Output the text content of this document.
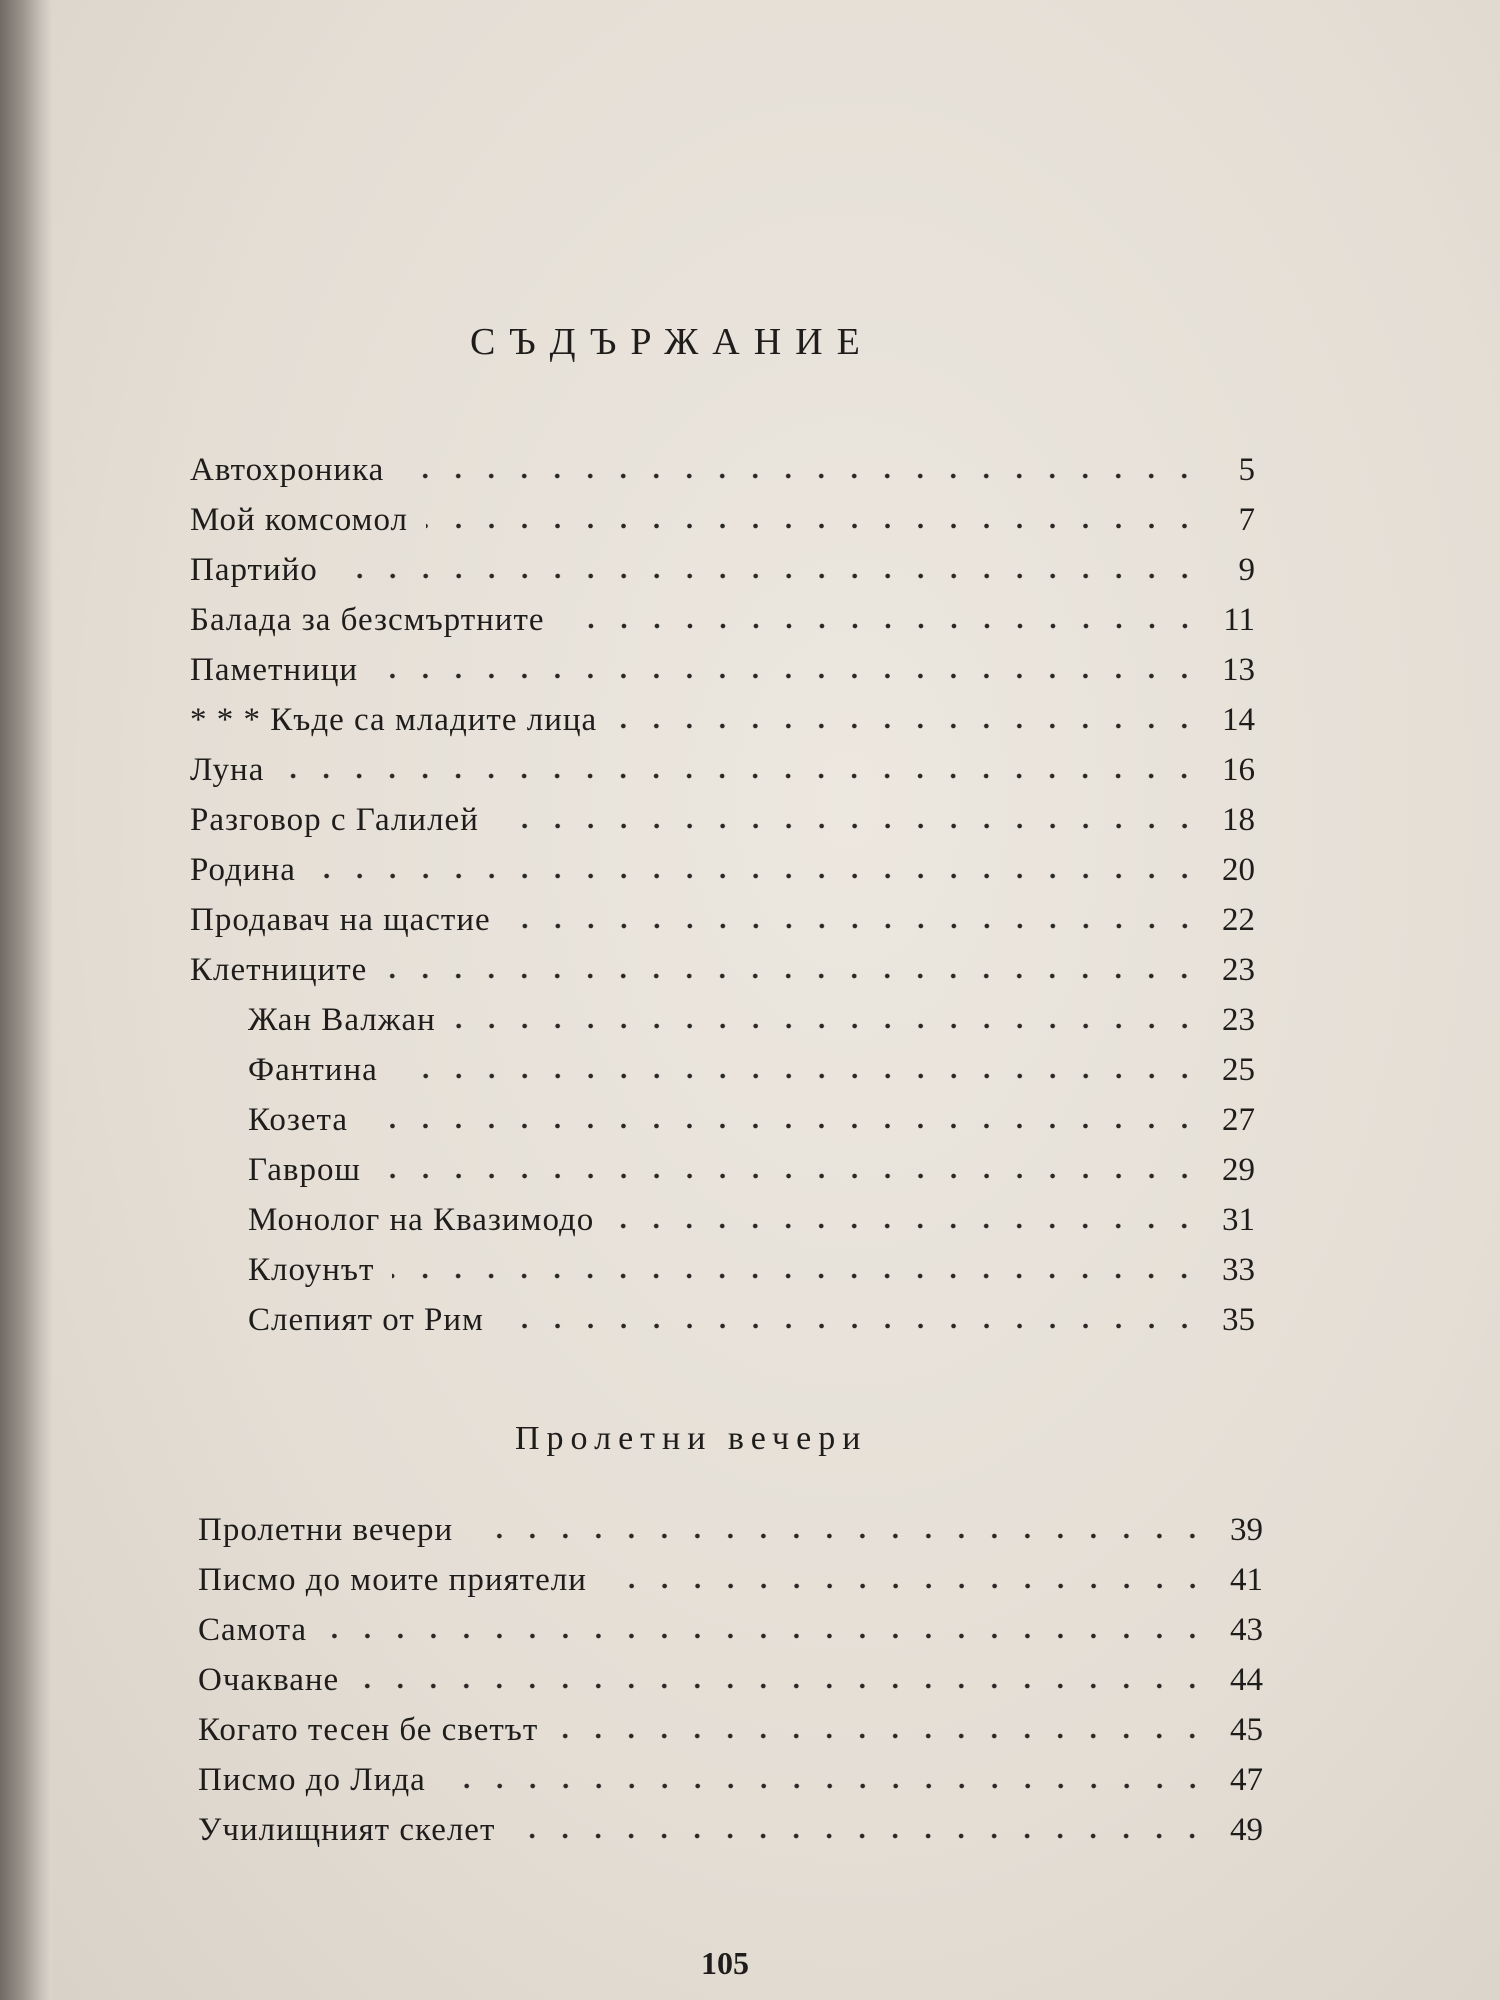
СЪДЪРЖАНИЕ
Автохроника	5
Мой комсомол	7
Партийо	9
Балада за безсмъртните	11
Паметници	13
* * * Къде са младите лица	14
Луна	16
Разговор с Галилей	18
Родина	20
Продавач на щастие	22
Клетниците	23
Жан Валжан	23
Фантина	25
Козета	27
Гаврош	29
Монолог на Квазимодо	31
Клоунът	33
Слепият от Рим	35
Пролетни вечери
Пролетни вечери	39
Писмо до моите приятели	41
Самота	43
Очакване	44
Когато тесен бе светът	45
Писмо до Лида	47
Училищният скелет	49
105
